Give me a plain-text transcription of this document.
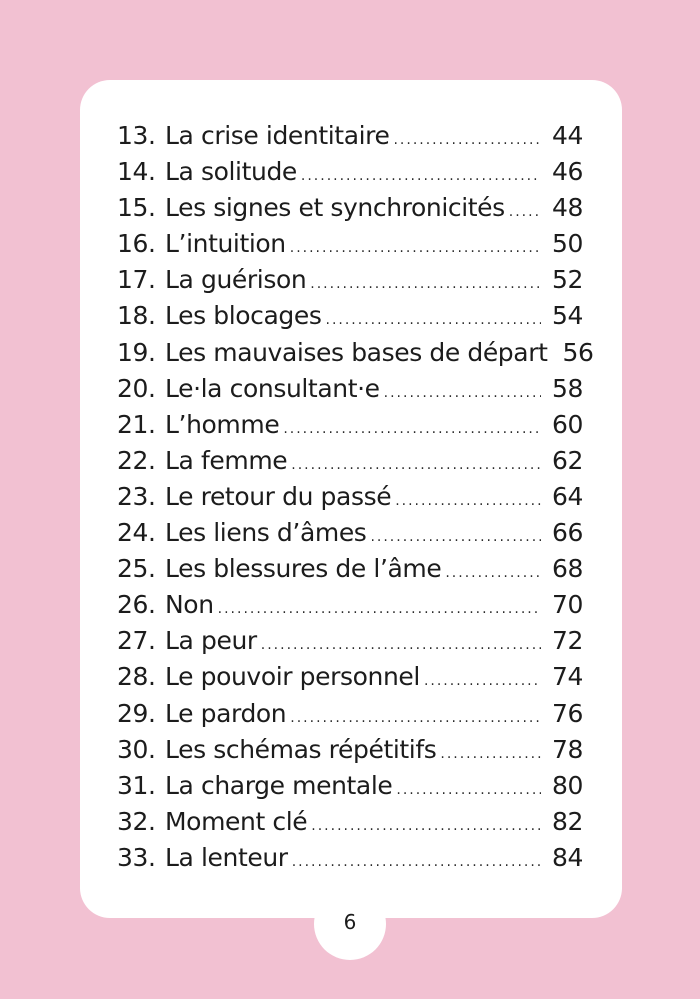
13. La crise identitaire .....	44
14. La solitude .....	46
15. Les signes et synchronicités ..... 48
16. L’intuition .....	50
17. La guérison .....	52
18. Les blocages .....	54
19. Les mauvaises bases de départ 56
20. Le·la consultant·e .....	58
21. L’homme .....	60
22. La femme .....	62
23. Le retour du passé .....	64
24. Les liens d’âmes .....	66
25. Les blessures de l’âme .....	68
26. Non .....	70
27. La peur .....	72
28. Le pouvoir personnel .....	74
29. Le pardon .....	76
30. Les schémas répétitifs .....	78
31. La charge mentale .....	80
32. Moment clé .....	82
33. La lenteur .....	84
6
